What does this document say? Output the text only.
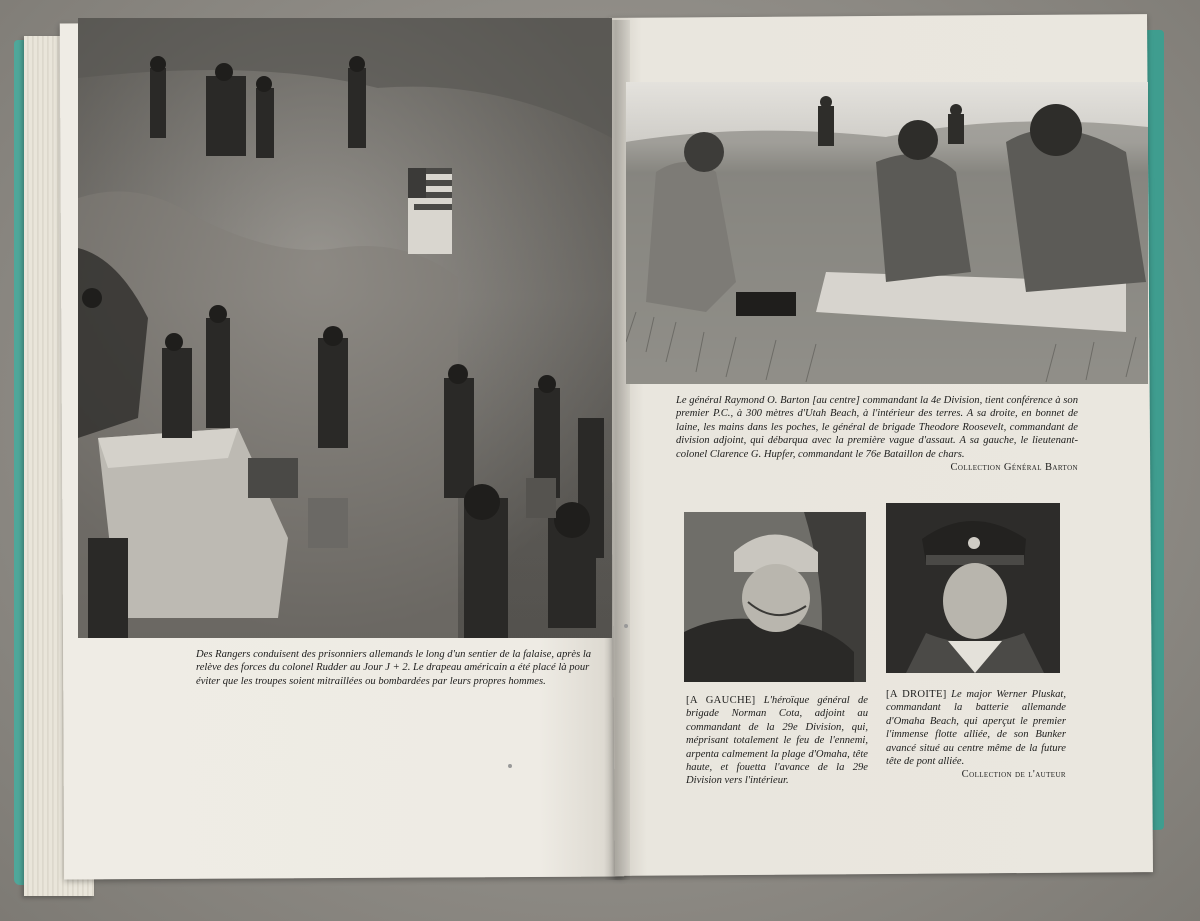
Des Rangers conduisent des prisonniers allemands le long d'un sentier de la falaise, après la relève des forces du colonel Rudder au Jour J + 2. Le drapeau américain a été placé là pour éviter que les troupes soient mitraillées ou bombardées par leurs propres hommes.
Le général Raymond O. Barton [au centre] commandant la 4e Division, tient conférence à son premier P.C., à 300 mètres d'Utah Beach, à l'intérieur des terres. A sa droite, en bonnet de laine, les mains dans les poches, le général de brigade Theodore Roosevelt, commandant de division adjoint, qui débarqua avec la première vague d'assaut. A sa gauche, le lieutenant-colonel Clarence G. Hupfer, commandant le 76e Bataillon de chars.
Collection Général Barton
[A GAUCHE] L'héroïque général de brigade Norman Cota, adjoint au commandant de la 29e Division, qui, méprisant totalement le feu de l'ennemi, arpenta calmement la plage d'Omaha, tête haute, et fouetta l'avance de la 29e Division vers l'intérieur.
[A DROITE] Le major Werner Pluskat, commandant la batterie allemande d'Omaha Beach, qui aperçut le premier l'immense flotte alliée, de son Bunker avancé situé au centre même de la future tête de pont alliée.
Collection de l'auteur
